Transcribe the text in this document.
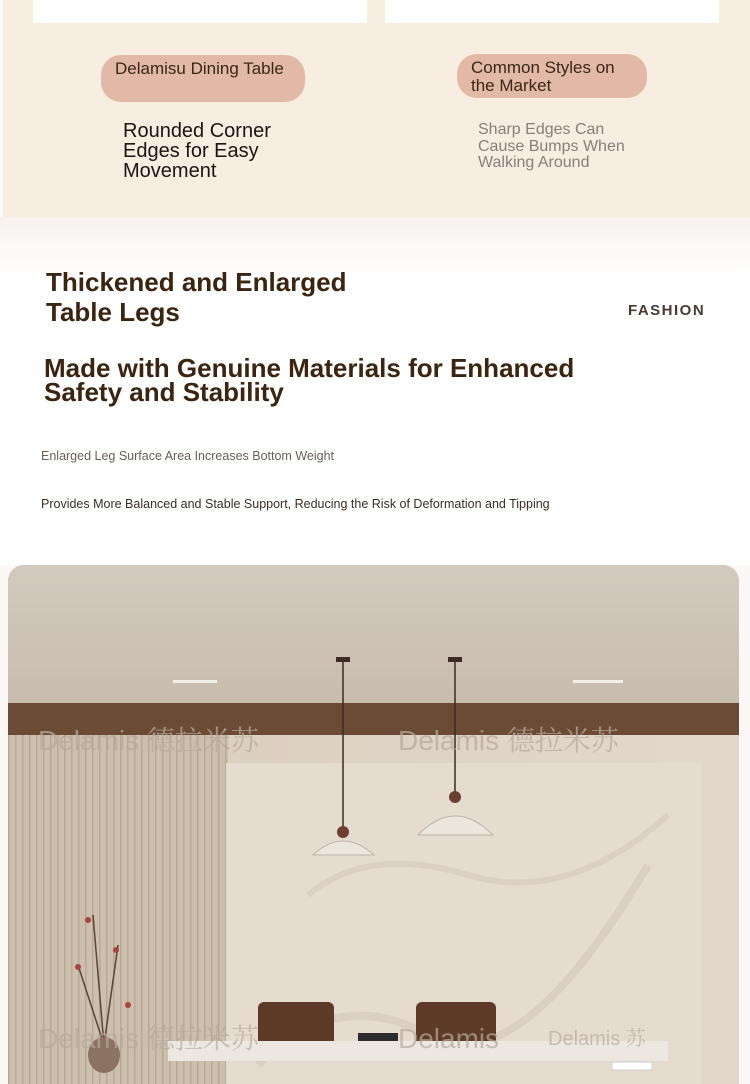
Delamisu Dining Table	Common Styles on the Market
Rounded Corner Edges for Easy Movement
Sharp Edges Can Cause Bumps When Walking Around
Thickened and Enlarged Table Legs	FASHION
Made with Genuine Materials for Enhanced Safety and Stability

Enlarged Leg Surface Area Increases Bottom Weight

Provides More Balanced and Stable Support, Reducing the Risk of Deformation and Tipping

Delamis 德拉米苏	Delamis 德拉米苏
Delamis 德拉米苏	Delamis Delamis 苏
